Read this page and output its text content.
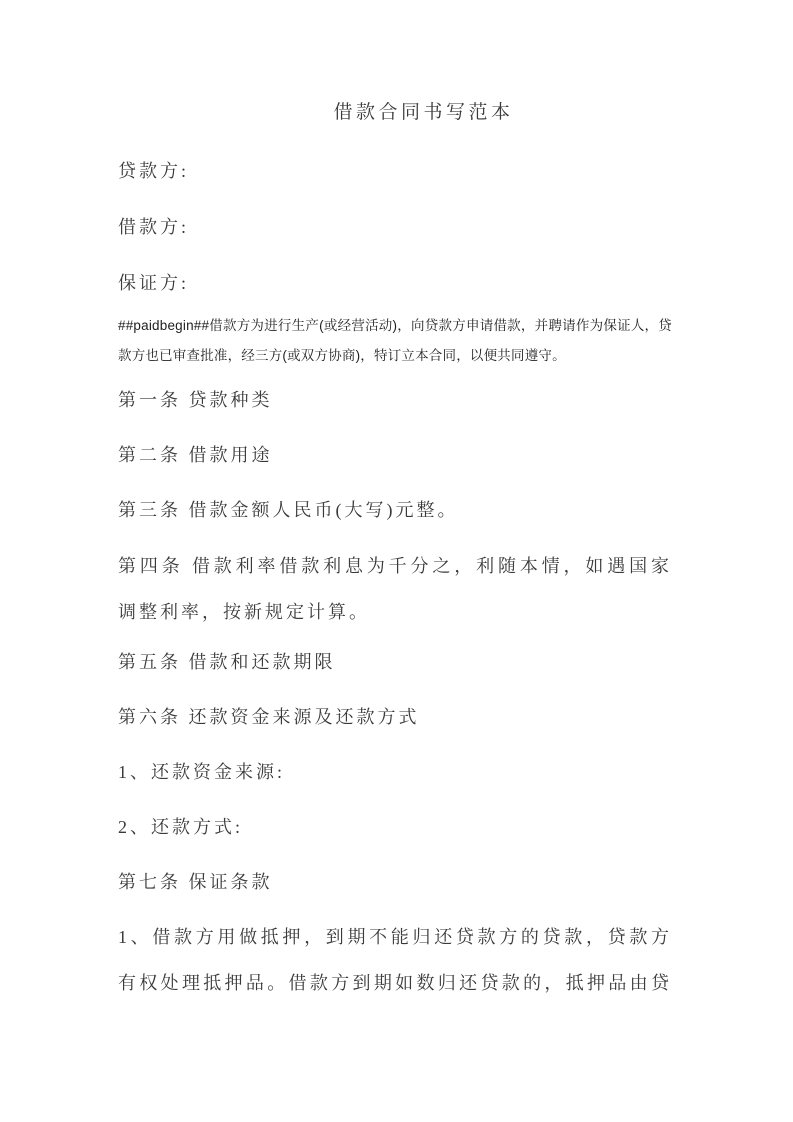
借款合同书写范本
贷款方:
借款方:
保证方:
##paidbegin##借款方为进行生产(或经营活动)，向贷款方申请借款，并聘请作为保证人，贷
款方也已审查批准，经三方(或双方协商)，特订立本合同，以便共同遵守。
第一条 贷款种类
第二条 借款用途
第三条 借款金额人民币(大写)元整。
第四条 借款利率借款利息为千分之，利随本情，如遇国家
调整利率，按新规定计算。
第五条 借款和还款期限
第六条 还款资金来源及还款方式
1、还款资金来源:
2、还款方式:
第七条 保证条款
1、借款方用做抵押，到期不能归还贷款方的贷款，贷款方
有权处理抵押品。借款方到期如数归还贷款的，抵押品由贷
